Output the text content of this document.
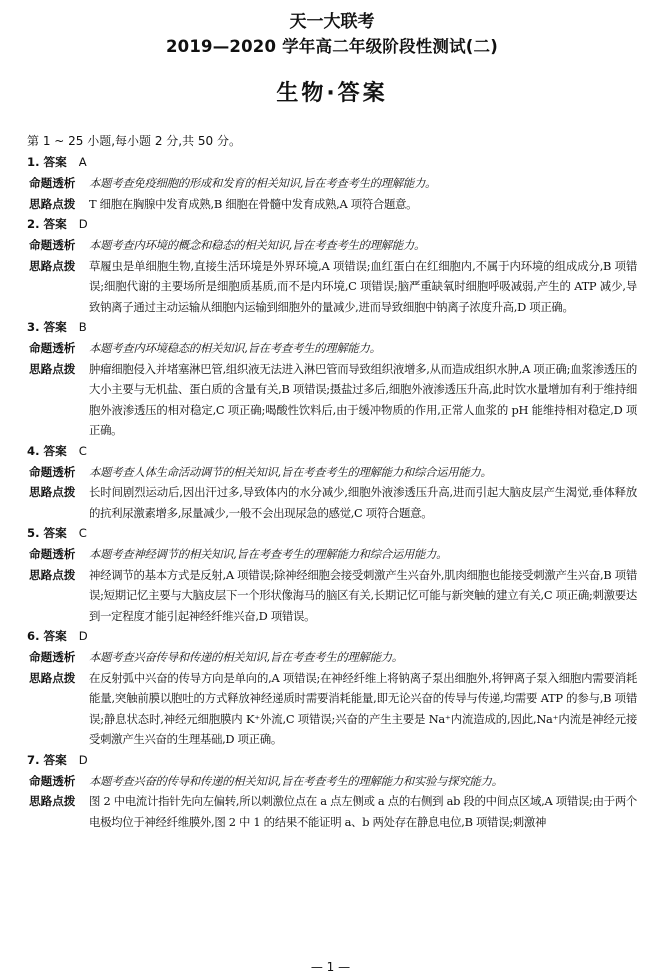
天一大联考
2019—2020 学年高二年级阶段性测试(二)
生物·答案
第 1 ~ 25 小题,每小题 2 分,共 50 分。
1. 答案 A
命题透析	本题考查免疫细胞的形成和发育的相关知识,旨在考查考生的理解能力。
思路点拨	T 细胞在胸腺中发育成熟,B 细胞在骨髓中发育成熟,A 项符合题意。
2. 答案 D
命题透析	本题考查内环境的概念和稳态的相关知识,旨在考查考生的理解能力。
思路点拨	草履虫是单细胞生物,直接生活环境是外界环境,A 项错误;血红蛋白在红细胞内,不属于内环境的组成成分,B 项错误;细胞代谢的主要场所是细胞质基质,而不是内环境,C 项错误;脑严重缺氧时细胞呼吸减弱,产生的 ATP 减少,导致钠离子通过主动运输从细胞内运输到细胞外的量减少,进而导致细胞中钠离子浓度升高,D 项正确。
3. 答案 B
命题透析	本题考查内环境稳态的相关知识,旨在考查考生的理解能力。
思路点拨	肿瘤细胞侵入并堵塞淋巴管,组织液无法进入淋巴管而导致组织液增多,从而造成组织水肿,A 项正确;血浆渗透压的大小主要与无机盐、蛋白质的含量有关,B 项错误;摄盐过多后,细胞外液渗透压升高,此时饮水量增加有利于维持细胞外液渗透压的相对稳定,C 项正确;喝酸性饮料后,由于缓冲物质的作用,正常人血浆的 pH 能维持相对稳定,D 项正确。
4. 答案 C
命题透析	本题考查人体生命活动调节的相关知识,旨在考查考生的理解能力和综合运用能力。
思路点拨	长时间剧烈运动后,因出汗过多,导致体内的水分减少,细胞外液渗透压升高,进而引起大脑皮层产生渴觉,垂体释放的抗利尿激素增多,尿量减少,一般不会出现尿急的感觉,C 项符合题意。
5. 答案 C
命题透析	本题考查神经调节的相关知识,旨在考查考生的理解能力和综合运用能力。
思路点拨	神经调节的基本方式是反射,A 项错误;除神经细胞会接受刺激产生兴奋外,肌肉细胞也能接受刺激产生兴奋,B 项错误;短期记忆主要与大脑皮层下一个形状像海马的脑区有关,长期记忆可能与新突触的建立有关,C 项正确;刺激要达到一定程度才能引起神经纤维兴奋,D 项错误。
6. 答案 D
命题透析	本题考查兴奋传导和传递的相关知识,旨在考查考生的理解能力。
思路点拨	在反射弧中兴奋的传导方向是单向的,A 项错误;在神经纤维上将钠离子泵出细胞外,将钾离子泵入细胞内需要消耗能量,突触前膜以胞吐的方式释放神经递质时需要消耗能量,即无论兴奋的传导与传递,均需要 ATP 的参与,B 项错误;静息状态时,神经元细胞膜内 K⁺外流,C 项错误;兴奋的产生主要是 Na⁺内流造成的,因此,Na⁺内流是神经元接受刺激产生兴奋的生理基础,D 项正确。
7. 答案 D
命题透析	本题考查兴奋的传导和传递的相关知识,旨在考查考生的理解能力和实验与探究能力。
思路点拨	图 2 中电流计指针先向左偏转,所以刺激位点在 a 点左侧或 a 点的右侧到 ab 段的中间点区域,A 项错误;由于两个电极均位于神经纤维膜外,图 2 中 1 的结果不能证明 a、b 两处存在静息电位,B 项错误;刺激神
— 1 —
